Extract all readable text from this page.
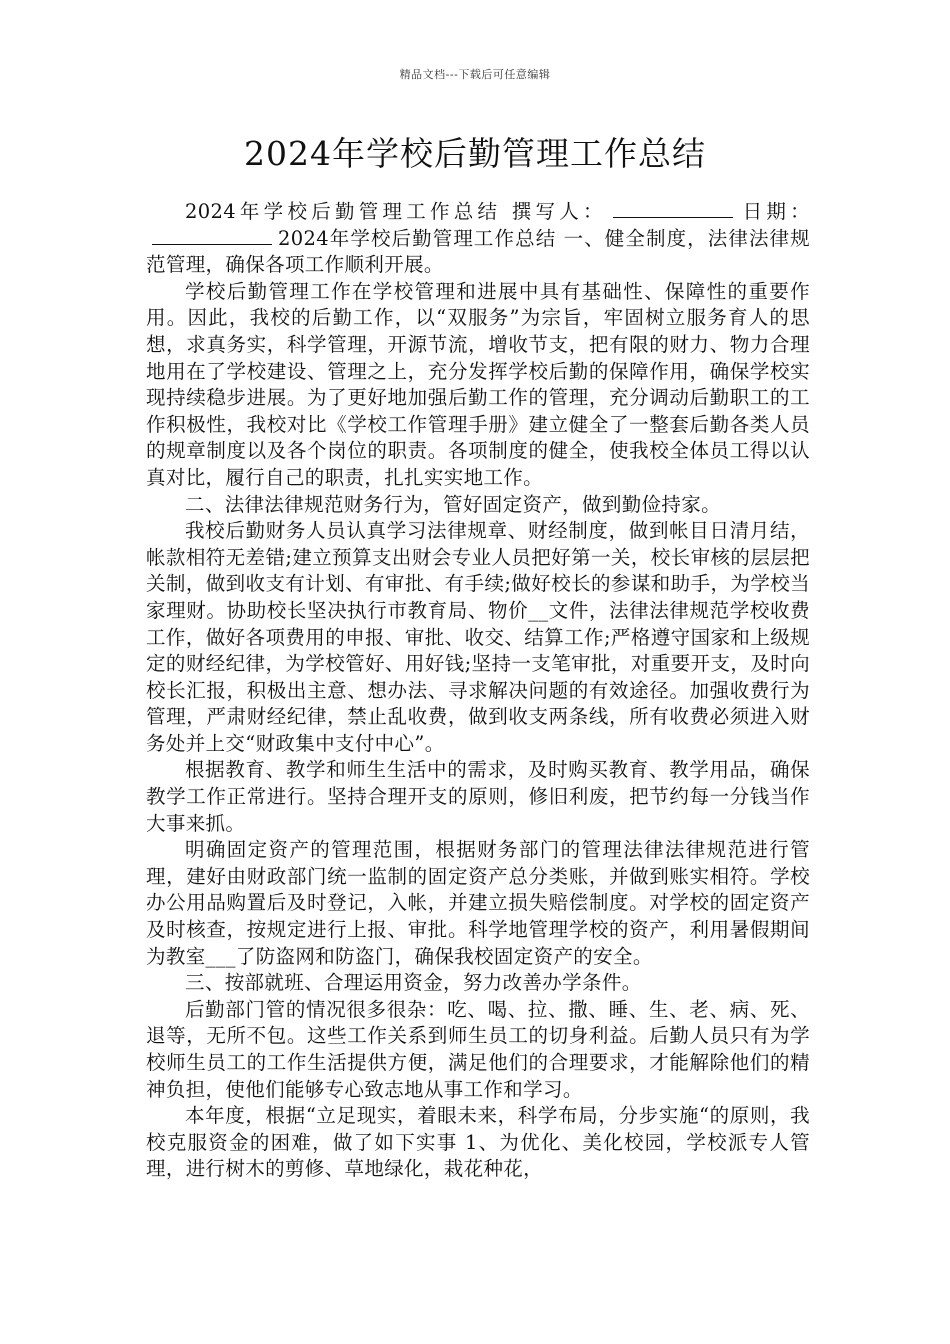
精品文档---下载后可任意编辑
2024年学校后勤管理工作总结

2024年学校后勤管理工作总结 撰写人：	日期：2024年学校后勤管理工作总结 一、健全制度，法律法律规范管理，确保各项工作顺利开展。

学校后勤管理工作在学校管理和进展中具有基础性、保障性的重要作用。因此，我校的后勤工作，以“双服务”为宗旨，牢固树立服务育人的思想，求真务实，科学管理，开源节流，增收节支，把有限的财力、物力合理地用在了学校建设、管理之上，充分发挥学校后勤的保障作用，确保学校实现持续稳步进展。为了更好地加强后勤工作的管理，充分调动后勤职工的工作积极性，我校对比《学校工作管理手册》建立健全了一整套后勤各类人员的规章制度以及各个岗位的职责。各项制度的健全，使我校全体员工得以认真对比，履行自己的职责，扎扎实实地工作。

二、法律法律规范财务行为，管好固定资产，做到勤俭持家。

我校后勤财务人员认真学习法律规章、财经制度，做到帐目日清月结，帐款相符无差错;建立预算支出财会专业人员把好第一关，校长审核的层层把关制，做到收支有计划、有审批、有手续;做好校长的参谋和助手，为学校当家理财。协助校长坚决执行市教育局、物价__文件，法律法律规范学校收费工作，做好各项费用的申报、审批、收交、结算工作;严格遵守国家和上级规定的财经纪律，为学校管好、用好钱;坚持一支笔审批，对重要开支，及时向校长汇报，积极出主意、想办法、寻求解决问题的有效途径。加强收费行为管理，严肃财经纪律，禁止乱收费，做到收支两条线，所有收费必须进入财务处并上交“财政集中支付中心”。

根据教育、教学和师生生活中的需求，及时购买教育、教学用品，确保教学工作正常进行。坚持合理开支的原则，修旧利废，把节约每一分钱当作大事来抓。

明确固定资产的管理范围，根据财务部门的管理法律法律规范进行管理，建好由财政部门统一监制的固定资产总分类账，并做到账实相符。学校办公用品购置后及时登记，入帐，并建立损失赔偿制度。对学校的固定资产及时核查，按规定进行上报、审批。科学地管理学校的资产，利用暑假期间为教室___了防盗网和防盗门，确保我校固定资产的安全。

三、按部就班、合理运用资金，努力改善办学条件。

后勤部门管的情况很多很杂：吃、喝、拉、撒、睡、生、老、病、死、退等，无所不包。这些工作关系到师生员工的切身利益。后勤人员只有为学校师生员工的工作生活提供方便，满足他们的合理要求，才能解除他们的精神负担，使他们能够专心致志地从事工作和学习。

本年度，根据“立足现实，着眼未来，科学布局，分步实施“的原则，我校克服资金的困难，做了如下实事 1、为优化、美化校园，学校派专人管理，进行树木的剪修、草地绿化，栽花种花，
